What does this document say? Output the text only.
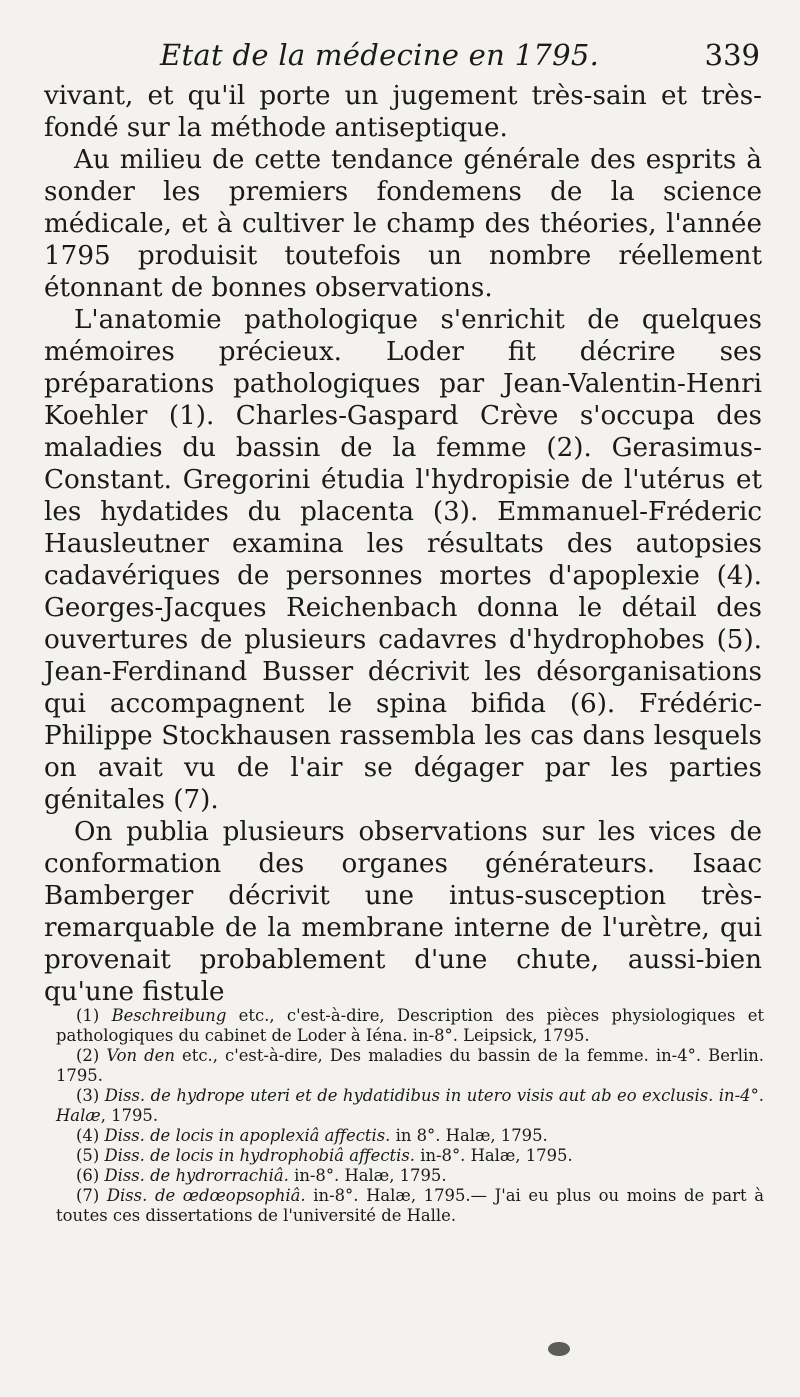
Etat de la médecine en 1795.	339

vivant, et qu'il porte un jugement très-sain et très-fondé sur la méthode antiseptique.

Au milieu de cette tendance générale des esprits à sonder les premiers fondemens de la science médicale, et à cultiver le champ des théories, l'année 1795 produisit toutefois un nombre réellement étonnant de bonnes observations.

L'anatomie pathologique s'enrichit de quelques mémoires précieux. Loder fit décrire ses préparations pathologiques par Jean-Valentin-Henri Koehler (1). Charles-Gaspard Crève s'occupa des maladies du bassin de la femme (2). Gerasimus-Constant. Gregorini étudia l'hydropisie de l'utérus et les hydatides du placenta (3). Emmanuel-Fréderic Hausleutner examina les résultats des autopsies cadavériques de personnes mortes d'apoplexie (4). Georges-Jacques Reichenbach donna le détail des ouvertures de plusieurs cadavres d'hydrophobes (5). Jean-Ferdinand Busser décrivit les désorganisations qui accompagnent le spina bifida (6). Frédéric-Philippe Stockhausen rassembla les cas dans lesquels on avait vu de l'air se dégager par les parties génitales (7).

On publia plusieurs observations sur les vices de conformation des organes générateurs. Isaac Bamberger décrivit une intus-susception très-remarquable de la membrane interne de l'urètre, qui provenait probablement d'une chute, aussi-bien qu'une fistule

(1) Beschreibung etc., c'est-à-dire, Description des pièces physiologiques et pathologiques du cabinet de Loder à Iéna. in-8°. Leipsick, 1795.

(2) Von den etc., c'est-à-dire, Des maladies du bassin de la femme. in-4°. Berlin. 1795.

(3) Diss. de hydrope uteri et de hydatidibus in utero visis aut ab eo exclusis. in-4°. Halæ, 1795.

(4) Diss. de locis in apoplexiâ affectis. in 8°. Halæ, 1795.

(5) Diss. de locis in hydrophobiâ affectis. in-8°. Halæ, 1795.

(6) Diss. de hydrorrachiâ. in-8°. Halæ, 1795.

(7) Diss. de œdœopsophiâ. in-8°. Halæ, 1795.— J'ai eu plus ou moins de part à toutes ces dissertations de l'université de Halle.
